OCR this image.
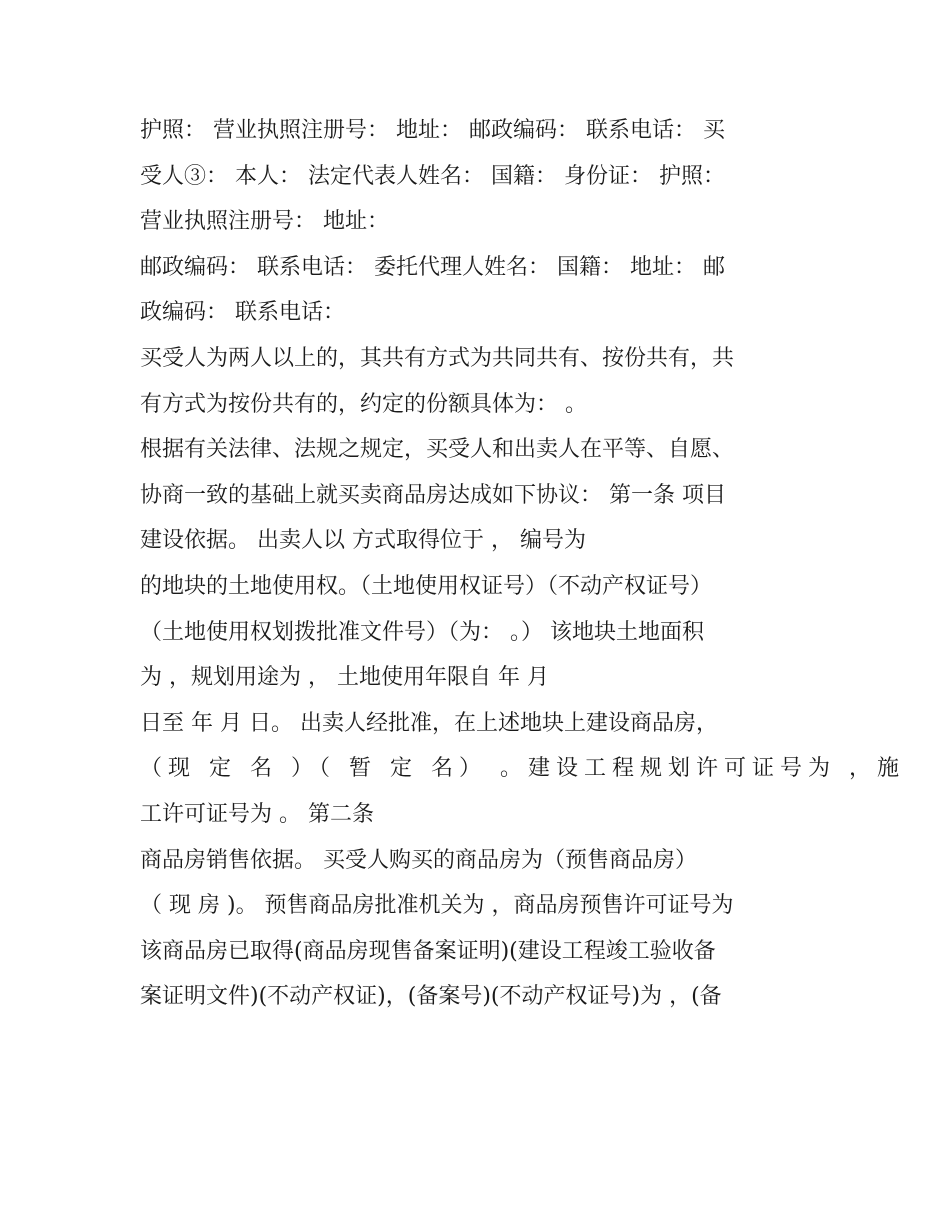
护照： 营业执照注册号： 地址： 邮政编码： 联系电话： 买
受人③： 本人： 法定代表人姓名： 国籍： 身份证： 护照：
营业执照注册号： 地址：
邮政编码： 联系电话： 委托代理人姓名： 国籍： 地址： 邮
政编码： 联系电话：
买受人为两人以上的，其共有方式为共同共有、按份共有，共
有方式为按份共有的，约定的份额具体为： 。
根据有关法律、法规之规定，买受人和出卖人在平等、自愿、
协商一致的基础上就买卖商品房达成如下协议： 第一条 项目
建设依据。 出卖人以 方式取得位于 ， 编号为
的地块的土地使用权。（土地使用权证号）（不动产权证号）
（土地使用权划拨批准文件号）（为： 。） 该地块土地面积
为 ，规划用途为 ， 土地使用年限自 年 月
日至 年 月 日。 出卖人经批准，在上述地块上建设商品房，
（现 定 名 ）（ 暂 定 名） 。建设工程规划许可证号为 ，施
工许可证号为 。 第二条
商品房销售依据。 买受人购买的商品房为（预售商品房）
（ 现 房 )。 预售商品房批准机关为 ，商品房预售许可证号为
该商品房已取得(商品房现售备案证明)(建设工程竣工验收备
案证明文件)(不动产权证)，(备案号)(不动产权证号)为 ，(备
